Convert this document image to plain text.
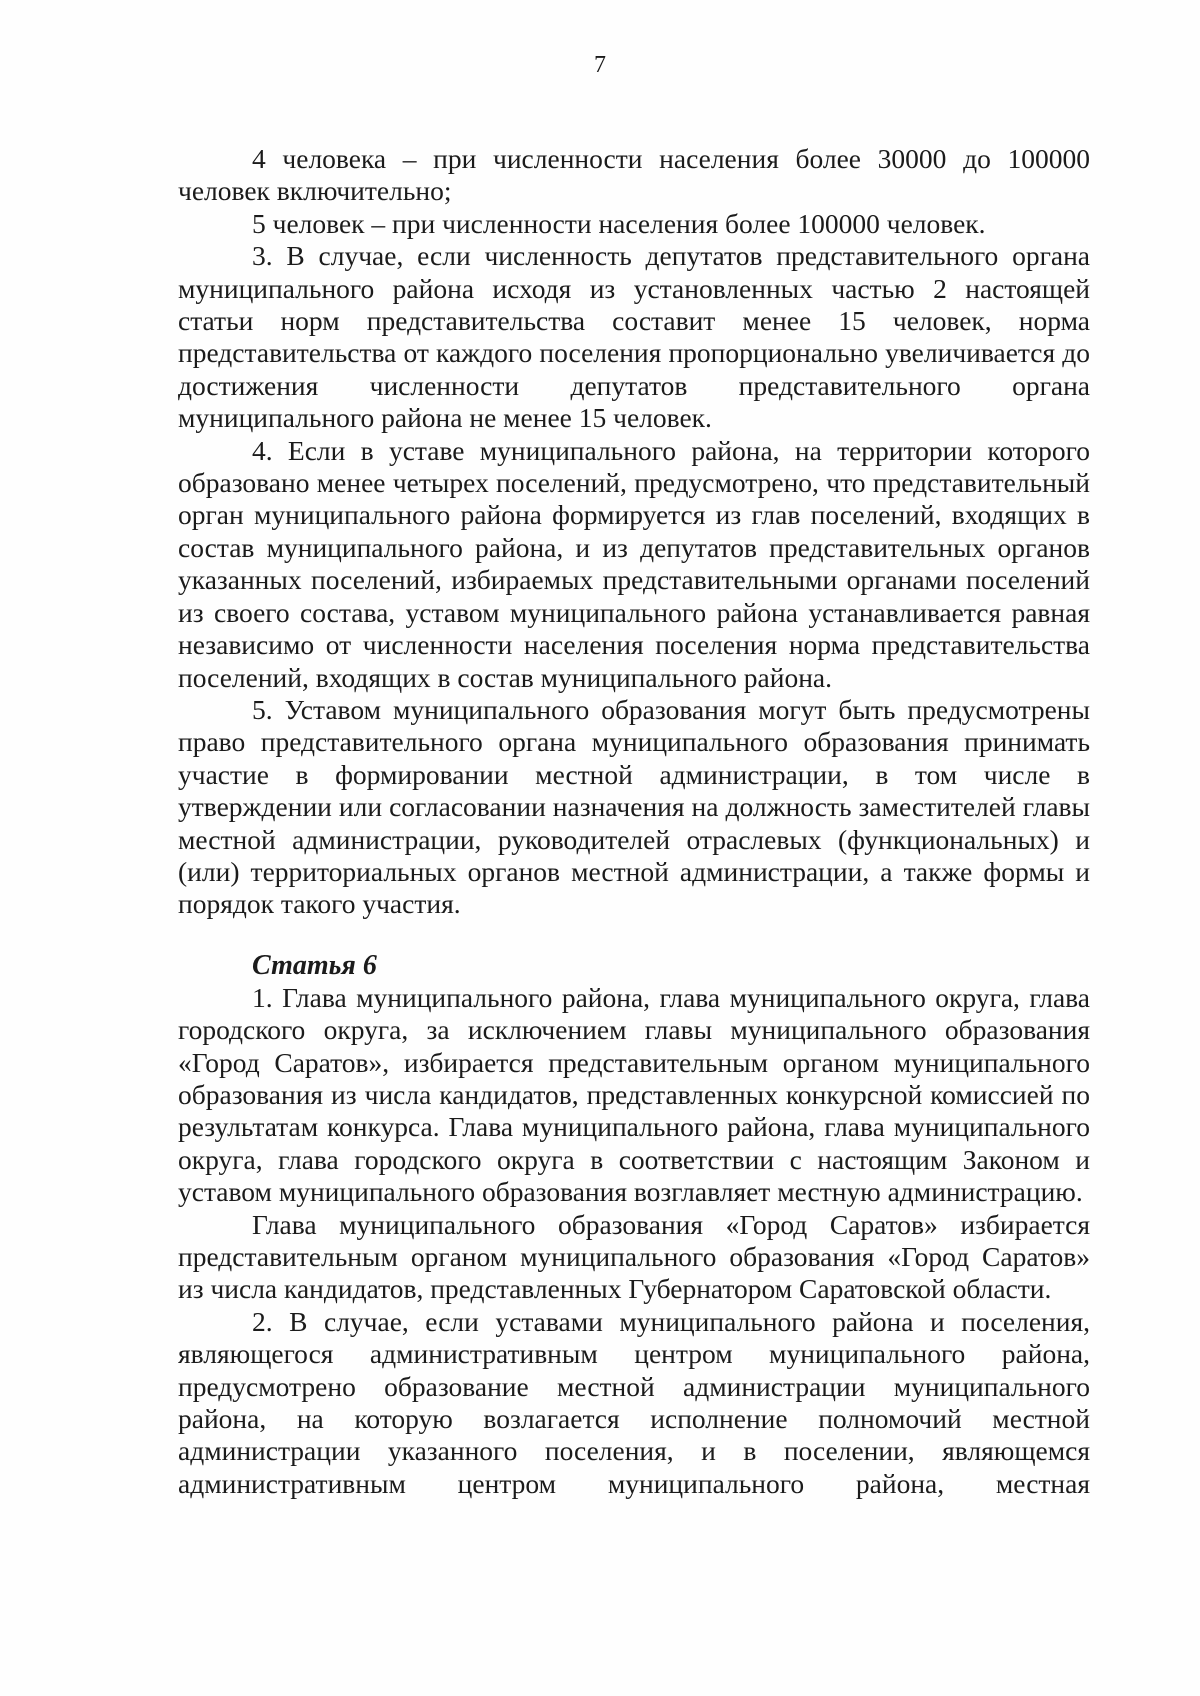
7

4 человека – при численности населения более 30000 до 100000 человек включительно;

5 человек – при численности населения более 100000 человек.

3. В случае, если численность депутатов представительного органа муниципального района исходя из установленных частью 2 настоящей статьи норм представительства составит менее 15 человек, норма представительства от каждого поселения пропорционально увеличивается до достижения численности депутатов представительного органа муниципального района не менее 15 человек.

4. Если в уставе муниципального района, на территории которого образовано менее четырех поселений, предусмотрено, что представительный орган муниципального района формируется из глав поселений, входящих в состав муниципального района, и из депутатов представительных органов указанных поселений, избираемых представительными органами поселений из своего состава, уставом муниципального района устанавливается равная независимо от численности населения поселения норма представительства поселений, входящих в состав муниципального района.

5. Уставом муниципального образования могут быть предусмотрены право представительного органа муниципального образования принимать участие в формировании местной администрации, в том числе в утверждении или согласовании назначения на должность заместителей главы местной администрации, руководителей отраслевых (функциональных) и (или) территориальных органов местной администрации, а также формы и порядок такого участия.

Статья 6

1. Глава муниципального района, глава муниципального округа, глава городского округа, за исключением главы муниципального образования «Город Саратов», избирается представительным органом муниципального образования из числа кандидатов, представленных конкурсной комиссией по результатам конкурса. Глава муниципального района, глава муниципального округа, глава городского округа в соответствии с настоящим Законом и уставом муниципального образования возглавляет местную администрацию.

Глава муниципального образования «Город Саратов» избирается представительным органом муниципального образования «Город Саратов» из числа кандидатов, представленных Губернатором Саратовской области.

2. В случае, если уставами муниципального района и поселения, являющегося административным центром муниципального района, предусмотрено образование местной администрации муниципального района, на которую возлагается исполнение полномочий местной администрации указанного поселения, и в поселении, являющемся административным центром муниципального района, местная
